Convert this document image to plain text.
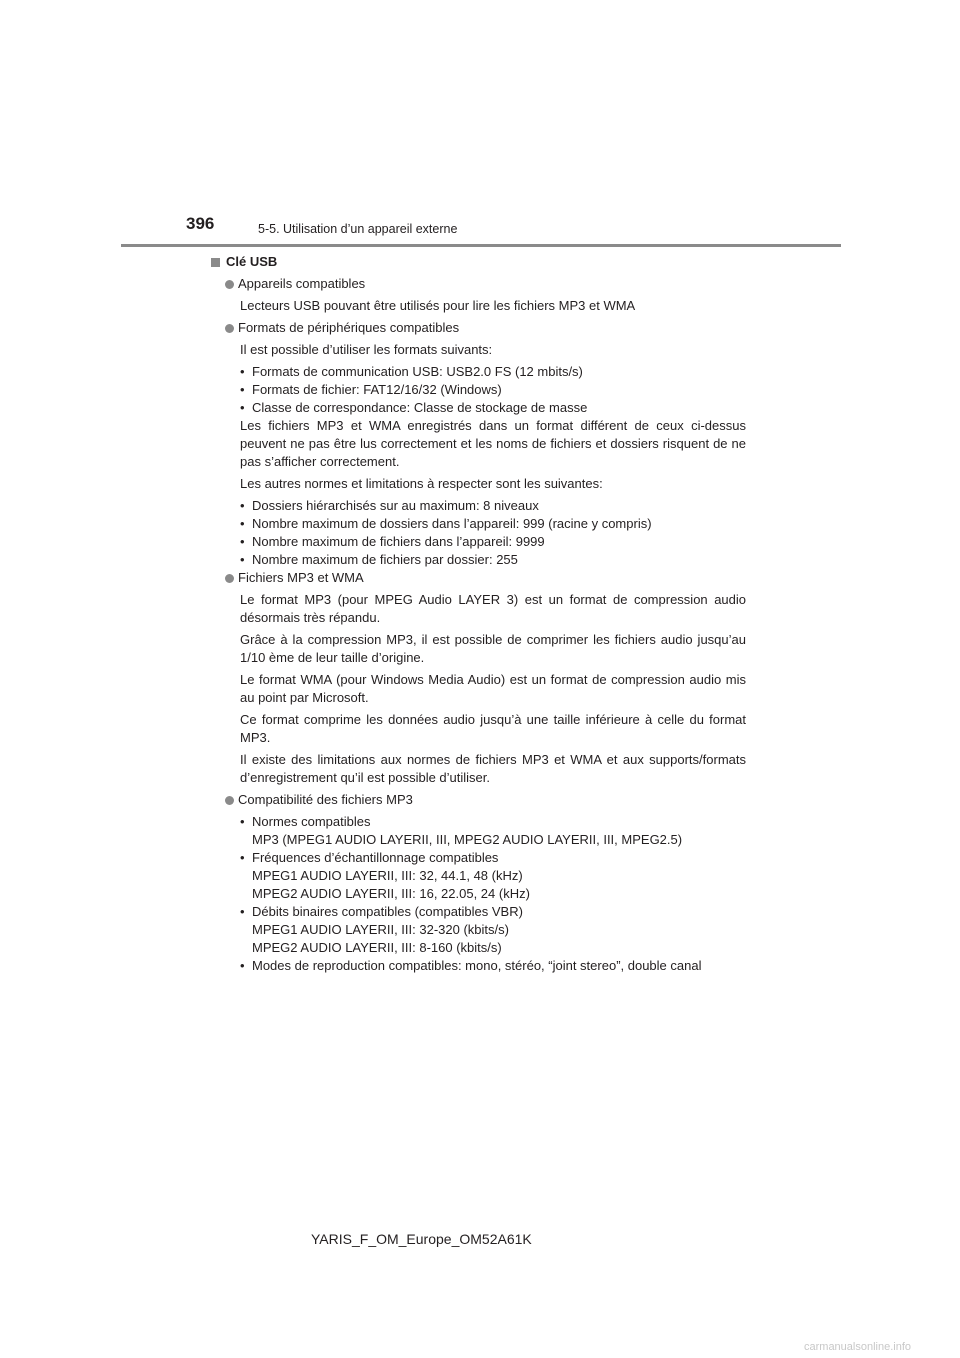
396	5-5. Utilisation d’un appareil externe
Clé USB
Appareils compatibles
Lecteurs USB pouvant être utilisés pour lire les fichiers MP3 et WMA
Formats de périphériques compatibles
Il est possible d’utiliser les formats suivants:
• Formats de communication USB: USB2.0 FS (12 mbits/s)
• Formats de fichier: FAT12/16/32 (Windows)
• Classe de correspondance: Classe de stockage de masse
Les fichiers MP3 et WMA enregistrés dans un format différent de ceux ci-dessus peuvent ne pas être lus correctement et les noms de fichiers et dossiers risquent de ne pas s’afficher correctement.
Les autres normes et limitations à respecter sont les suivantes:
• Dossiers hiérarchisés sur au maximum: 8 niveaux
• Nombre maximum de dossiers dans l’appareil: 999 (racine y compris)
• Nombre maximum de fichiers dans l’appareil: 9999
• Nombre maximum de fichiers par dossier: 255
Fichiers MP3 et WMA
Le format MP3 (pour MPEG Audio LAYER 3) est un format de compression audio désormais très répandu.
Grâce à la compression MP3, il est possible de comprimer les fichiers audio jusqu’au 1/10 ème de leur taille d’origine.
Le format WMA (pour Windows Media Audio) est un format de compression audio mis au point par Microsoft.
Ce format comprime les données audio jusqu’à une taille inférieure à celle du format MP3.
Il existe des limitations aux normes de fichiers MP3 et WMA et aux supports/formats d’enregistrement qu’il est possible d’utiliser.
Compatibilité des fichiers MP3
• Normes compatibles
MP3 (MPEG1 AUDIO LAYERII, III, MPEG2 AUDIO LAYERII, III, MPEG2.5)
• Fréquences d’échantillonnage compatibles
MPEG1 AUDIO LAYERII, III: 32, 44.1, 48 (kHz)
MPEG2 AUDIO LAYERII, III: 16, 22.05, 24 (kHz)
• Débits binaires compatibles (compatibles VBR)
MPEG1 AUDIO LAYERII, III: 32-320 (kbits/s)
MPEG2 AUDIO LAYERII, III: 8-160 (kbits/s)
• Modes de reproduction compatibles: mono, stéréo, “joint stereo”, double canal
YARIS_F_OM_Europe_OM52A61K
carmanualsonline.info
